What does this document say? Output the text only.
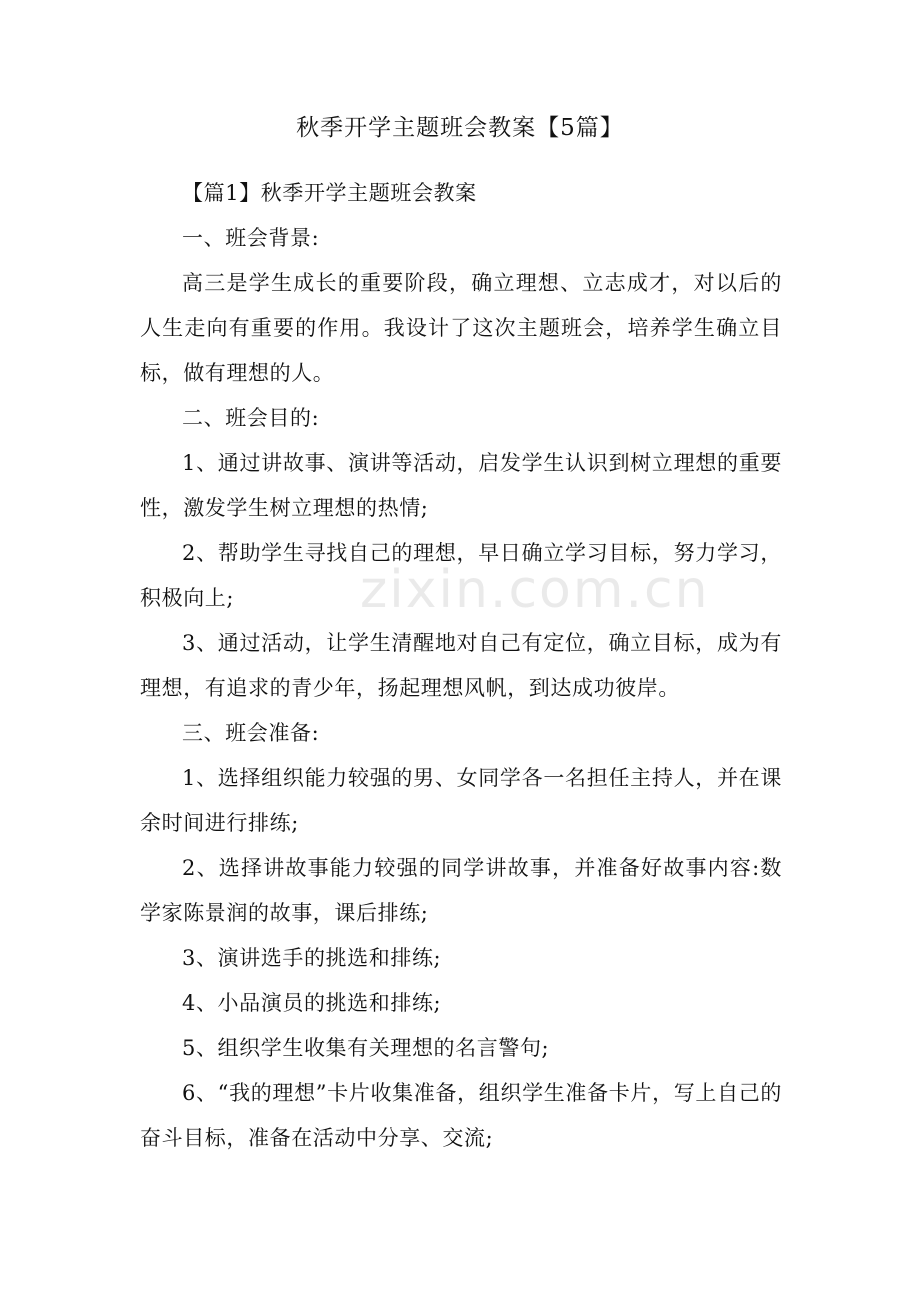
秋季开学主题班会教案【5篇】

【篇1】秋季开学主题班会教案

一、班会背景:

高三是学生成长的重要阶段，确立理想、立志成才，对以后的人生走向有重要的作用。我设计了这次主题班会，培养学生确立目标，做有理想的人。

二、班会目的:

1、通过讲故事、演讲等活动，启发学生认识到树立理想的重要性，激发学生树立理想的热情;

2、帮助学生寻找自己的理想，早日确立学习目标，努力学习，积极向上;

3、通过活动，让学生清醒地对自己有定位，确立目标，成为有理想，有追求的青少年，扬起理想风帆，到达成功彼岸。

三、班会准备:

1、选择组织能力较强的男、女同学各一名担任主持人，并在课余时间进行排练;

2、选择讲故事能力较强的同学讲故事，并准备好故事内容:数学家陈景润的故事，课后排练;

3、演讲选手的挑选和排练;

4、小品演员的挑选和排练;

5、组织学生收集有关理想的名言警句;

6、“我的理想”卡片收集准备，组织学生准备卡片，写上自己的奋斗目标，准备在活动中分享、交流;

zixin.com.cn
